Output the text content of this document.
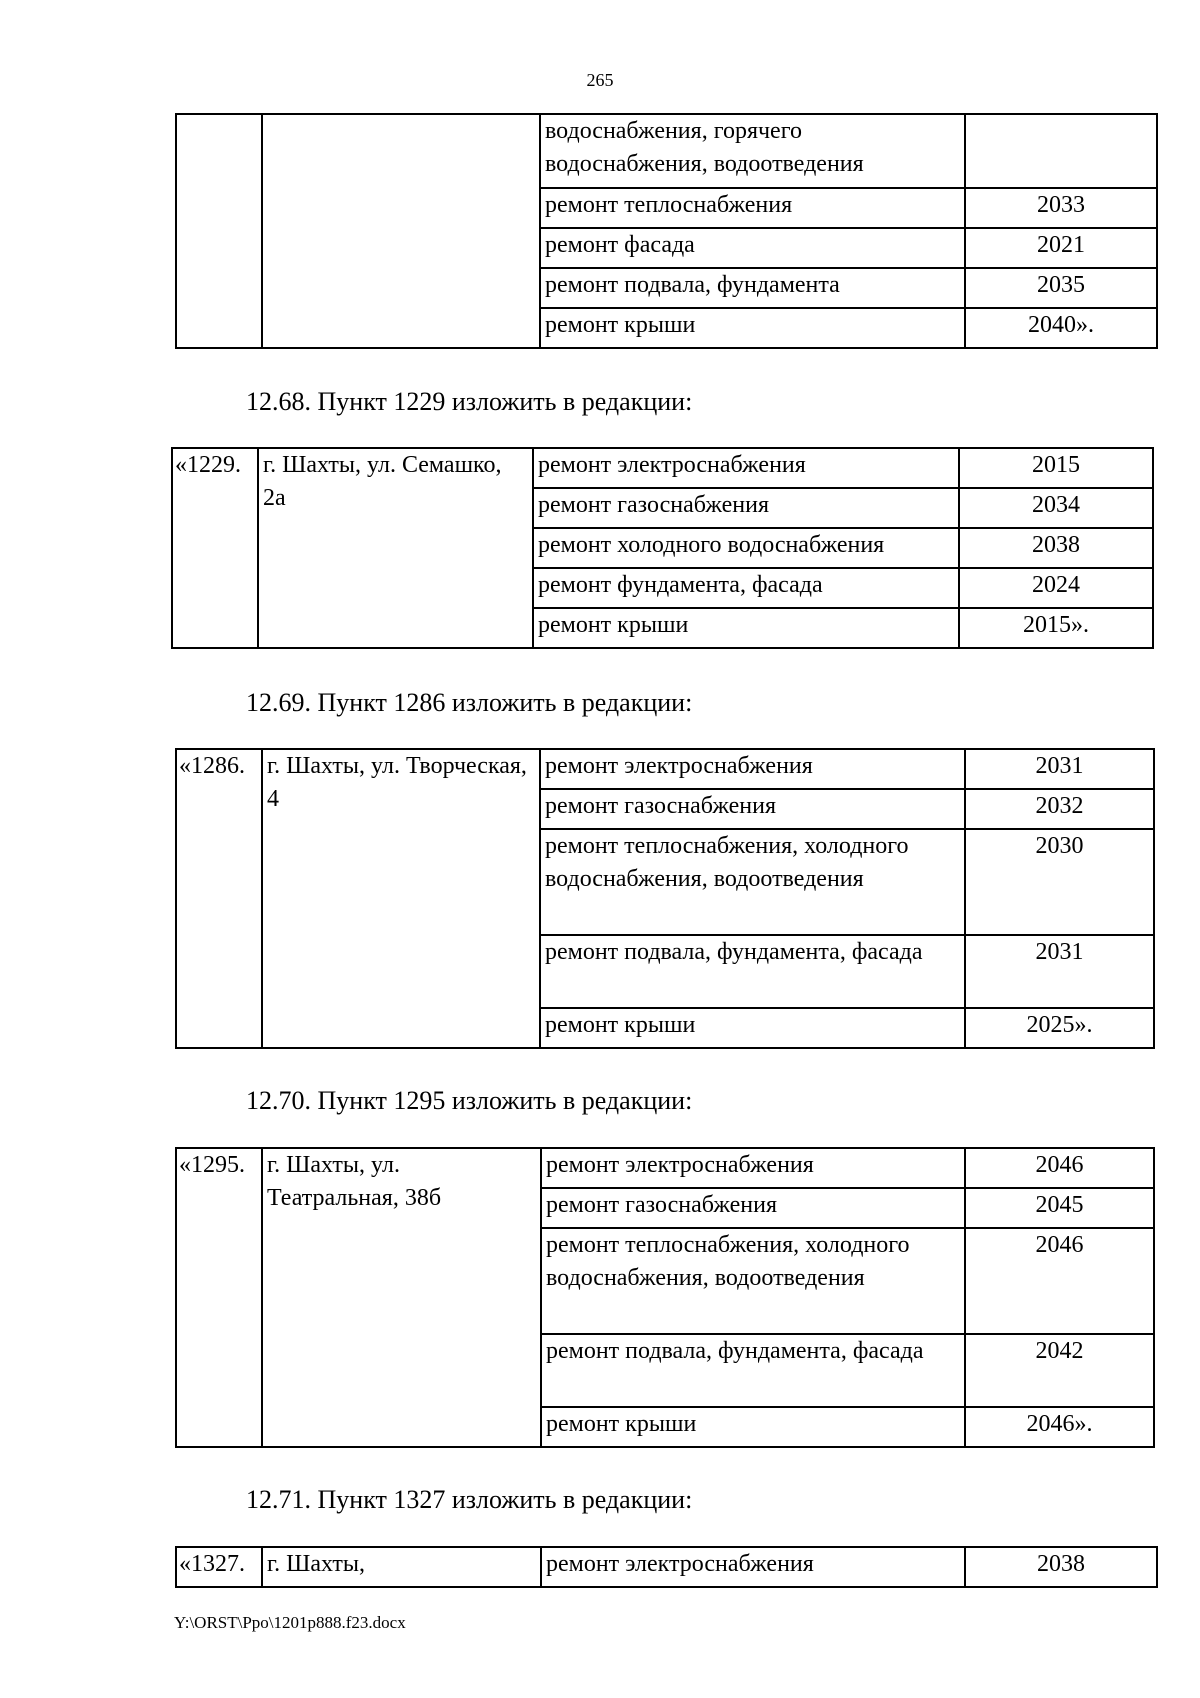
265
		водоснабжения, горячего водоснабжения, водоотведения	
		ремонт теплоснабжения	2033
		ремонт фасада	2021
		ремонт подвала, фундамента	2035
		ремонт крыши	2040».
12.68. Пункт 1229 изложить в редакции:
«1229.	г. Шахты, ул. Семашко, 2а	ремонт электроснабжения	2015
		ремонт газоснабжения	2034
		ремонт холодного водоснабжения	2038
		ремонт фундамента, фасада	2024
		ремонт крыши	2015».
12.69. Пункт 1286 изложить в редакции:
«1286.	г. Шахты, ул. Творческая, 4	ремонт электроснабжения	2031
		ремонт газоснабжения	2032
		ремонт теплоснабжения, холодного водоснабжения, водоотведения	2030
		ремонт подвала, фундамента, фасада	2031
		ремонт крыши	2025».
12.70. Пункт 1295 изложить в редакции:
«1295.	г. Шахты, ул. Театральная, 38б	ремонт электроснабжения	2046
		ремонт газоснабжения	2045
		ремонт теплоснабжения, холодного водоснабжения, водоотведения	2046
		ремонт подвала, фундамента, фасада	2042
		ремонт крыши	2046».
12.71. Пункт 1327 изложить в редакции:
«1327.	г. Шахты,	ремонт электроснабжения	2038
Y:\ORST\Ppo\1201p888.f23.docx
